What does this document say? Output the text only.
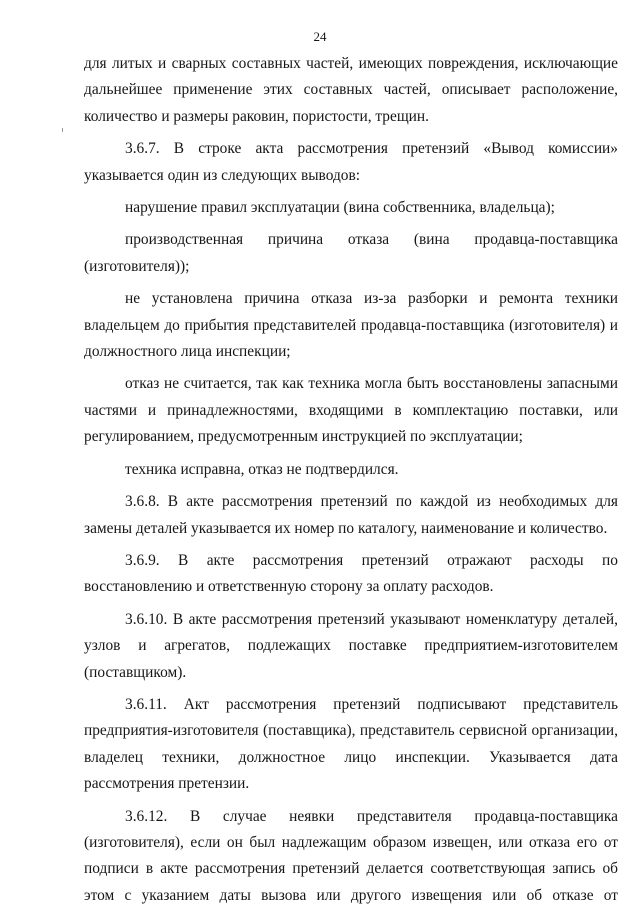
24

для литых и сварных составных частей, имеющих повреждения, исключающие дальнейшее применение этих составных частей, описывает расположение, количество и размеры раковин, пористости, трещин.

3.6.7. В строке акта рассмотрения претензий «Вывод комиссии» указывается один из следующих выводов:

нарушение правил эксплуатации (вина собственника, владельца);

производственная причина отказа (вина продавца-поставщика (изготовителя));

не установлена причина отказа из-за разборки и ремонта техники владельцем до прибытия представителей продавца-поставщика (изготовителя) и должностного лица инспекции;

отказ не считается, так как техника могла быть восстановлены запасными частями и принадлежностями, входящими в комплектацию поставки, или регулированием, предусмотренным инструкцией по эксплуатации;

техника исправна, отказ не подтвердился.

3.6.8. В акте рассмотрения претензий по каждой из необходимых для замены деталей указывается их номер по каталогу, наименование и количество.

3.6.9. В акте рассмотрения претензий отражают расходы по восстановлению и ответственную сторону за оплату расходов.

3.6.10. В акте рассмотрения претензий указывают номенклатуру деталей, узлов и агрегатов, подлежащих поставке предприятием-изготовителем (поставщиком).

3.6.11. Акт рассмотрения претензий подписывают представитель предприятия-изготовителя (поставщика), представитель сервисной организации, владелец техники, должностное лицо инспекции. Указывается дата рассмотрения претензии.

3.6.12. В случае неявки представителя продавца-поставщика (изготовителя), если он был надлежащим образом извещен, или отказа его от подписи в акте рассмотрения претензий делается соответствующая запись об этом с указанием даты вызова или другого извещения или об отказе от
